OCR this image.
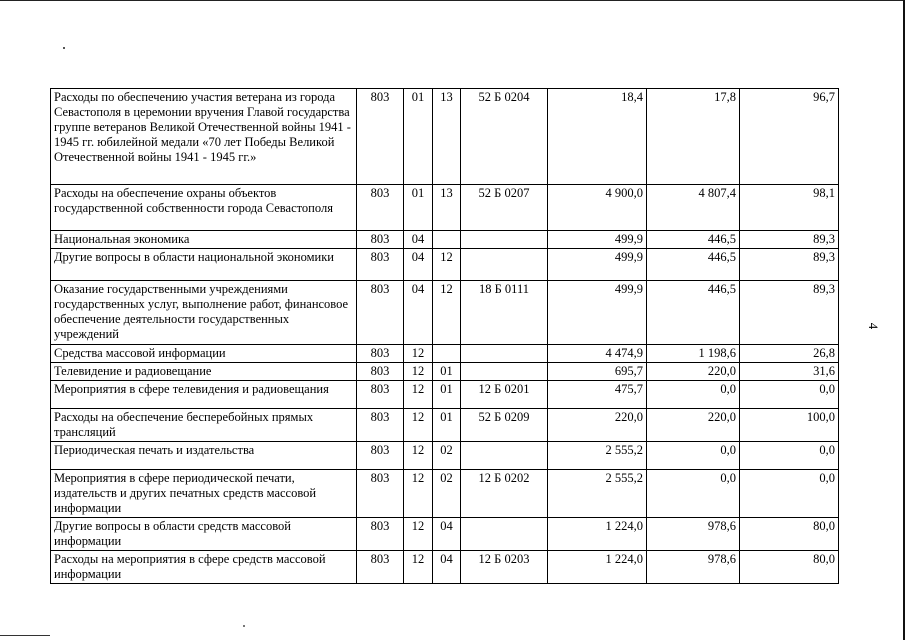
Расходы по обеспечению участия ветерана из города Севастополя в церемонии вручения Главой государства группе ветеранов Великой Отечественной войны 1941 - 1945 гг. юбилейной медали «70 лет Победы Великой Отечественной войны 1941 - 1945 гг.»	803	01	13	52 Б 0204	18,4	17,8	96,7
Расходы на обеспечение охраны объектов государственной собственности города Севастополя	803	01	13	52 Б 0207	4 900,0	4 807,4	98,1
Национальная экономика	803	04			499,9	446,5	89,3
Другие вопросы в области национальной экономики	803	04	12		499,9	446,5	89,3
Оказание государственными учреждениями государственных услуг, выполнение работ, финансовое обеспечение деятельности государственных учреждений	803	04	12	18 Б 0111	499,9	446,5	89,3
Средства массовой информации	803	12			4 474,9	1 198,6	26,8
Телевидение и радиовещание	803	12	01		695,7	220,0	31,6
Мероприятия в сфере телевидения и радиовещания	803	12	01	12 Б 0201	475,7	0,0	0,0
Расходы на обеспечение бесперебойных прямых трансляций	803	12	01	52 Б 0209	220,0	220,0	100,0
Периодическая печать и издательства	803	12	02		2 555,2	0,0	0,0
Мероприятия в сфере периодической печати, издательств и других печатных средств массовой информации	803	12	02	12 Б 0202	2 555,2	0,0	0,0
Другие вопросы в области средств массовой информации	803	12	04		1 224,0	978,6	80,0
Расходы на мероприятия в сфере средств массовой информации	803	12	04	12 Б 0203	1 224,0	978,6	80,0
4
